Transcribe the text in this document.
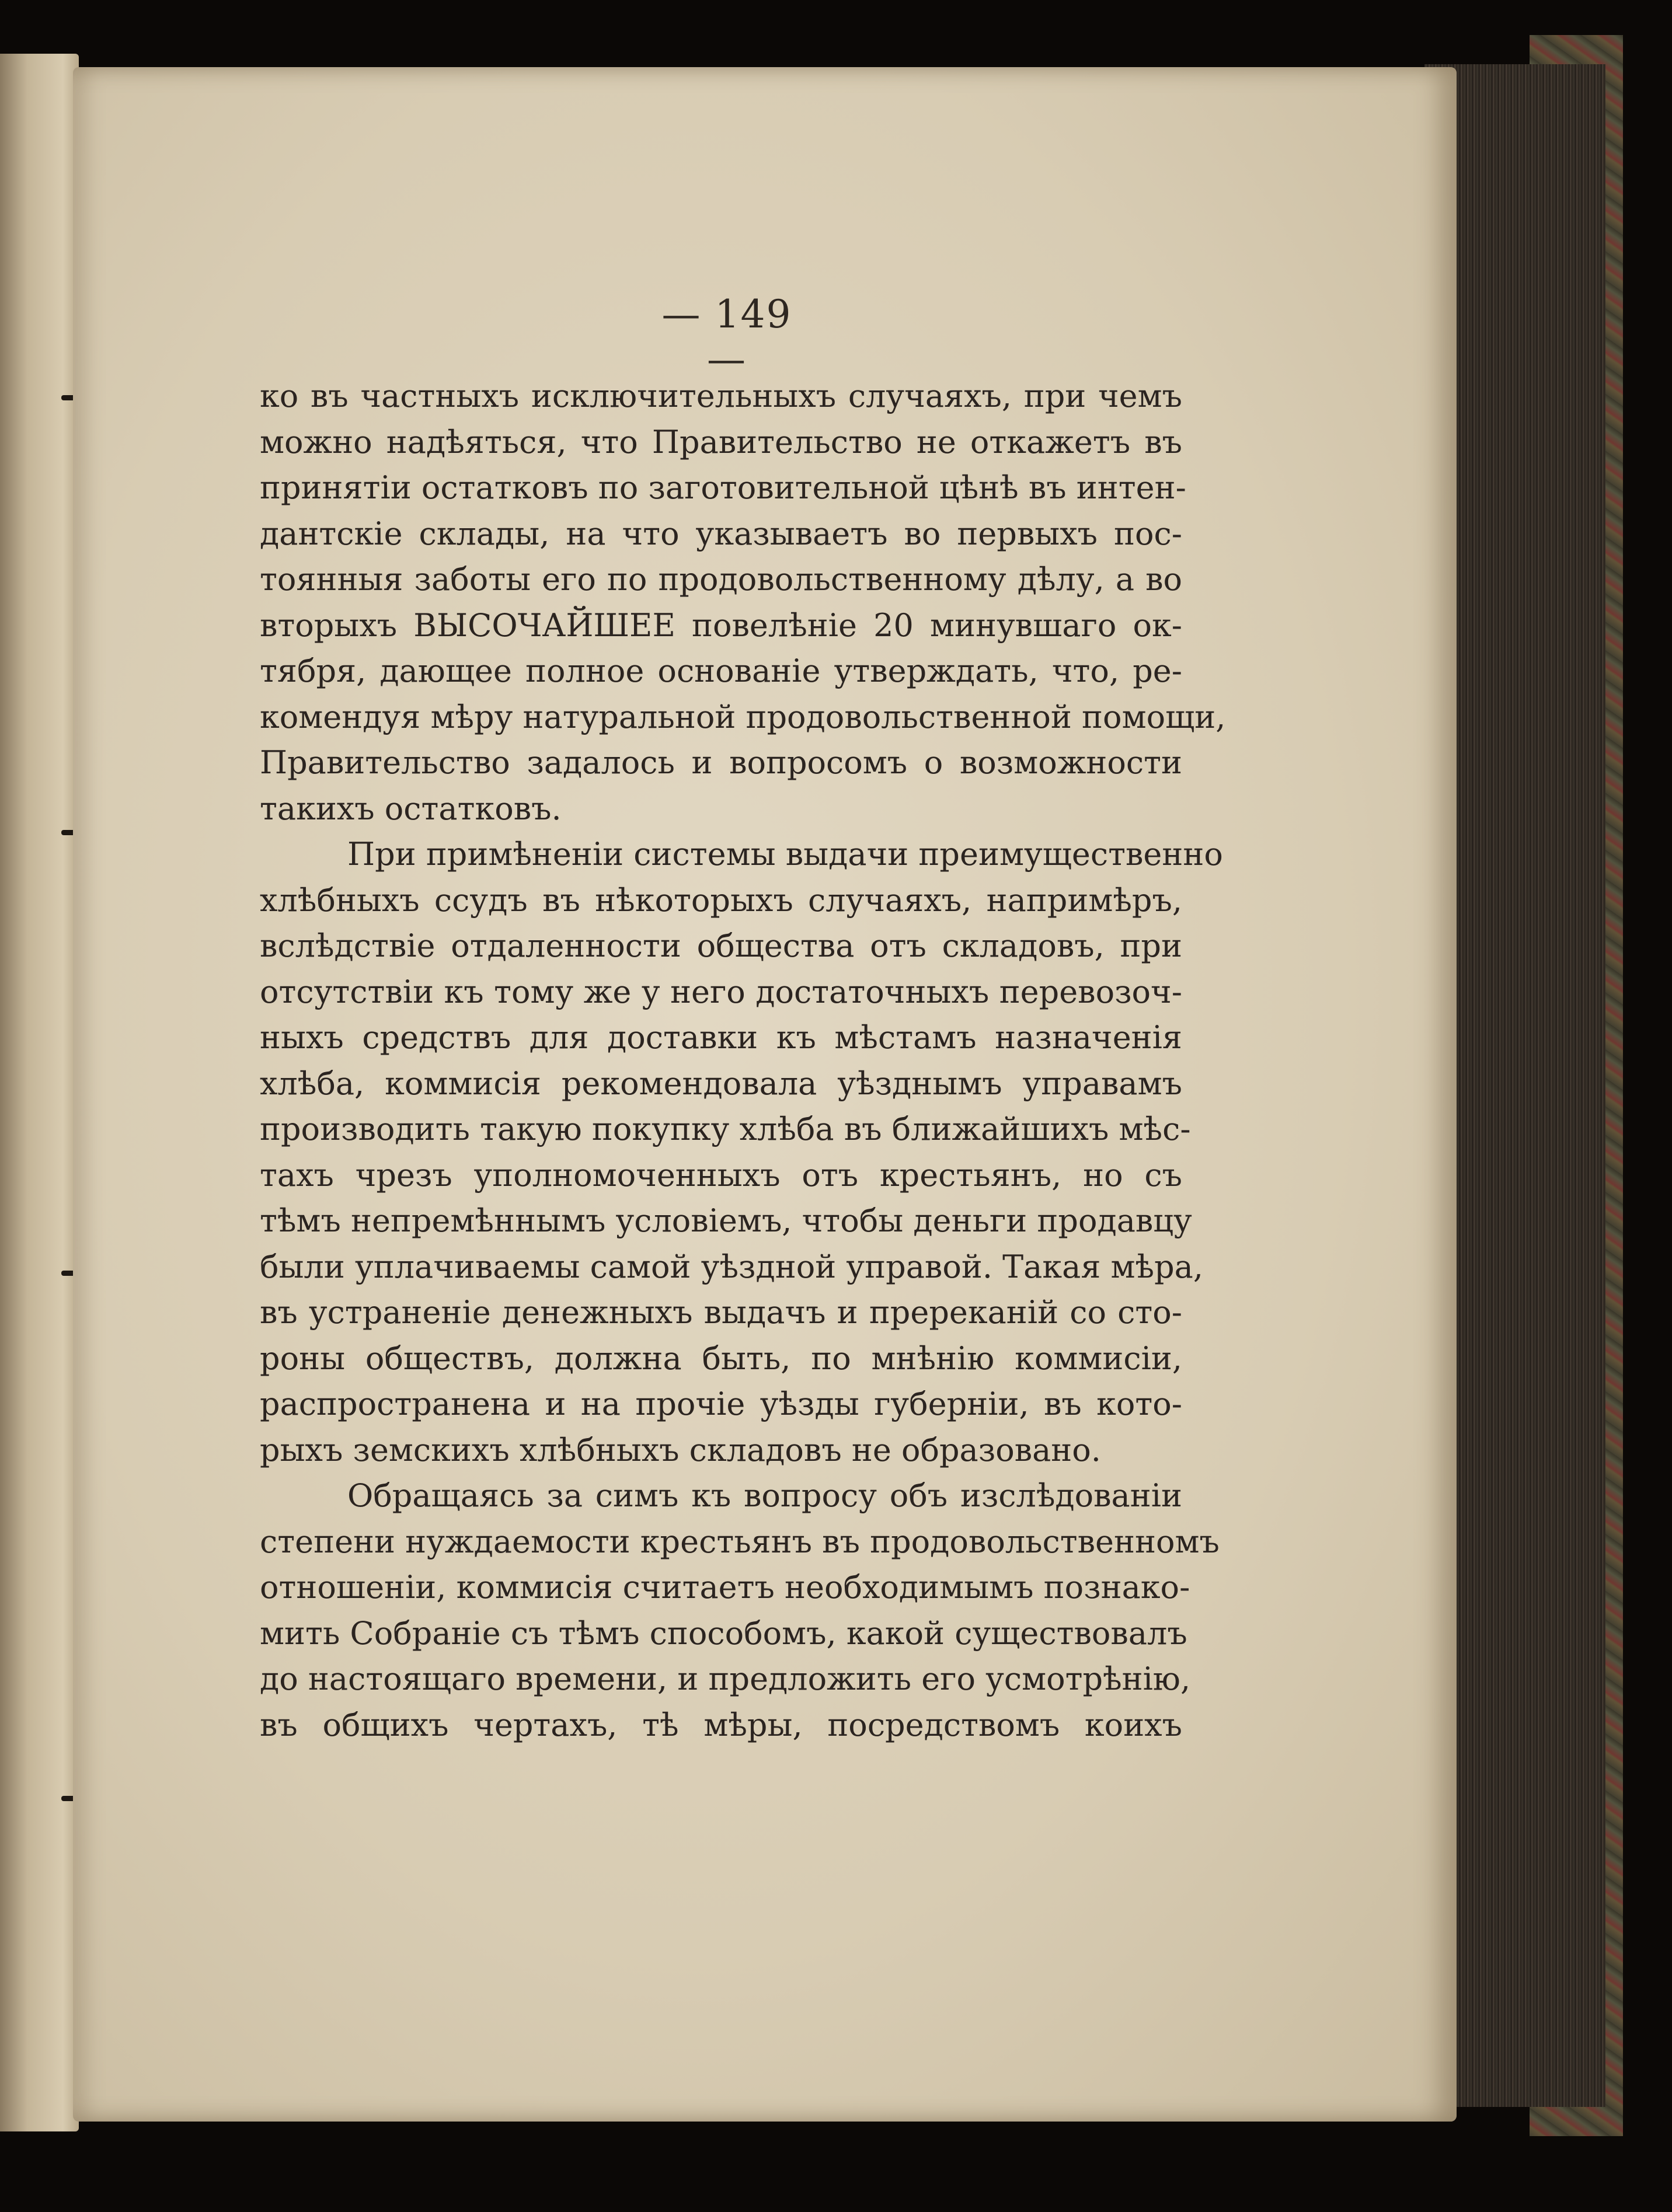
— 149 —
ко въ частныхъ исключительныхъ случаяхъ, при чемъ
можно надѣяться, что Правительство не откажетъ въ
принятіи остатковъ по заготовительной цѣнѣ въ интен-
дантскіе склады, на что указываетъ во первыхъ пос-
тоянныя заботы его по продовольственному дѣлу, а во
вторыхъ ВЫСОЧАЙШЕЕ повелѣніе 20 минувшаго ок-
тября, дающее полное основаніе утверждать, что, ре-
комендуя мѣру натуральной продовольственной помощи,
Правительство задалось и вопросомъ о возможности
такихъ остатковъ.
При примѣненіи системы выдачи преимущественно
хлѣбныхъ ссудъ въ нѣкоторыхъ случаяхъ, напримѣръ,
вслѣдствіе отдаленности общества отъ складовъ, при
отсутствіи къ тому же у него достаточныхъ перевозоч-
ныхъ средствъ для доставки къ мѣстамъ назначенія
хлѣба, коммисія рекомендовала уѣзднымъ управамъ
производить такую покупку хлѣба въ ближайшихъ мѣс-
тахъ чрезъ уполномоченныхъ отъ крестьянъ, но съ
тѣмъ непремѣннымъ условіемъ, чтобы деньги продавцу
были уплачиваемы самой уѣздной управой. Такая мѣра,
въ устраненіе денежныхъ выдачъ и пререканій со сто-
роны обществъ, должна быть, по мнѣнію коммисіи,
распространена и на прочіе уѣзды губерніи, въ кото-
рыхъ земскихъ хлѣбныхъ складовъ не образовано.
Обращаясь за симъ къ вопросу объ изслѣдованіи
степени нуждаемости крестьянъ въ продовольственномъ
отношеніи, коммисія считаетъ необходимымъ познако-
мить Собраніе съ тѣмъ способомъ, какой существовалъ
до настоящаго времени, и предложить его усмотрѣнію,
въ общихъ чертахъ, тѣ мѣры, посредствомъ коихъ
